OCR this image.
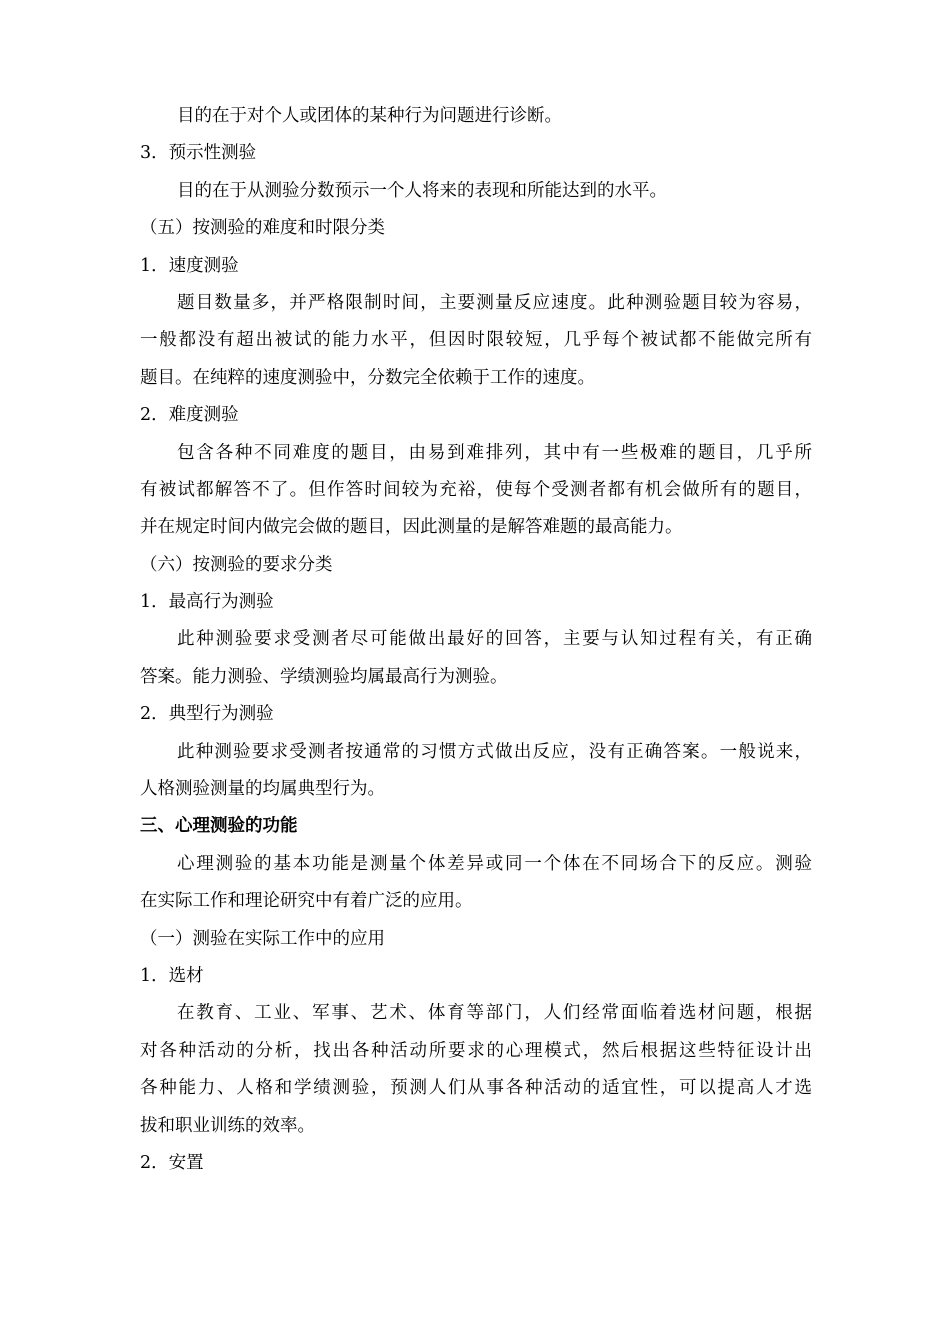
目的在于对个人或团体的某种行为问题进行诊断。
3．预示性测验
目的在于从测验分数预示一个人将来的表现和所能达到的水平。
（五）按测验的难度和时限分类
1．速度测验
题目数量多，并严格限制时间，主要测量反应速度。此种测验题目较为容易，
一般都没有超出被试的能力水平，但因时限较短，几乎每个被试都不能做完所有
题目。在纯粹的速度测验中，分数完全依赖于工作的速度。
2．难度测验
包含各种不同难度的题目，由易到难排列，其中有一些极难的题目，几乎所
有被试都解答不了。但作答时间较为充裕，使每个受测者都有机会做所有的题目，
并在规定时间内做完会做的题目，因此测量的是解答难题的最高能力。
（六）按测验的要求分类
1．最高行为测验
此种测验要求受测者尽可能做出最好的回答，主要与认知过程有关，有正确
答案。能力测验、学绩测验均属最高行为测验。
2．典型行为测验
此种测验要求受测者按通常的习惯方式做出反应，没有正确答案。一般说来，
人格测验测量的均属典型行为。
三、心理测验的功能
心理测验的基本功能是测量个体差异或同一个体在不同场合下的反应。测验
在实际工作和理论研究中有着广泛的应用。
（一）测验在实际工作中的应用
1．选材
在教育、工业、军事、艺术、体育等部门，人们经常面临着选材问题，根据
对各种活动的分析，找出各种活动所要求的心理模式，然后根据这些特征设计出
各种能力、人格和学绩测验，预测人们从事各种活动的适宜性，可以提高人才选
拔和职业训练的效率。
2．安置
